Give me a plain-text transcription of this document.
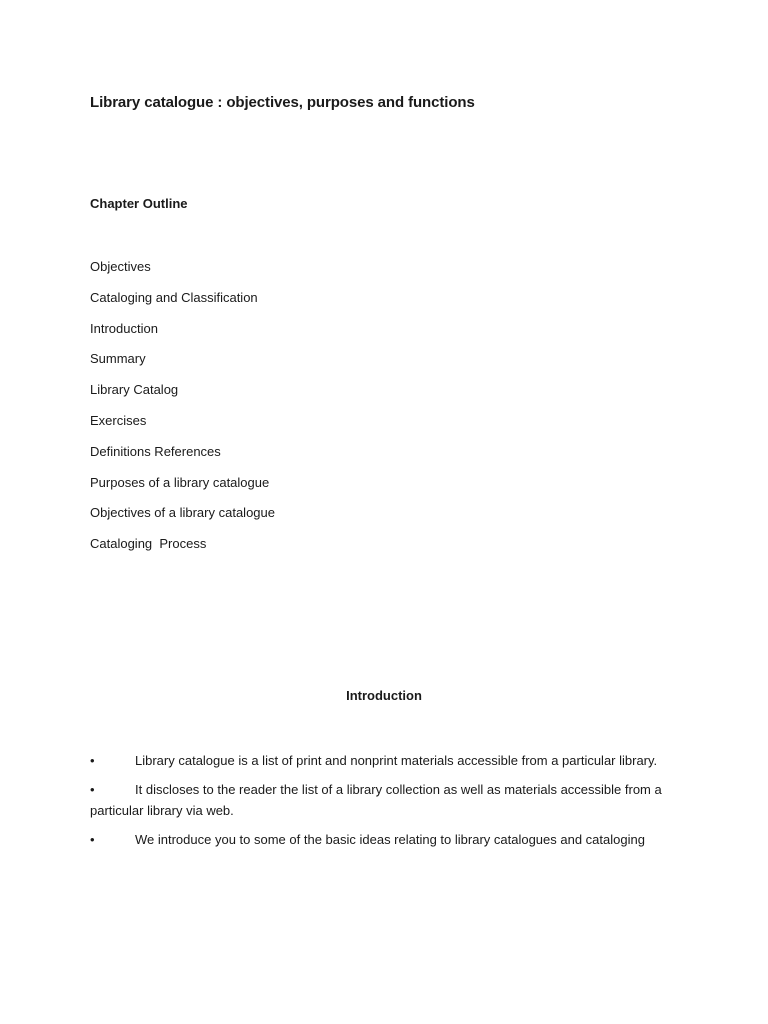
Library catalogue : objectives, purposes and functions
Chapter Outline
Objectives
Cataloging and Classification
Introduction
Summary
Library Catalog
Exercises
Definitions References
Purposes of a library catalogue
Objectives of a library catalogue
Cataloging  Process
Introduction
•	Library catalogue is a list of print and nonprint materials accessible from a particular library.
•	It discloses to the reader the list of a library collection as well as materials accessible from a particular library via web.
•	We introduce you to some of the basic ideas relating to library catalogues and cataloging
